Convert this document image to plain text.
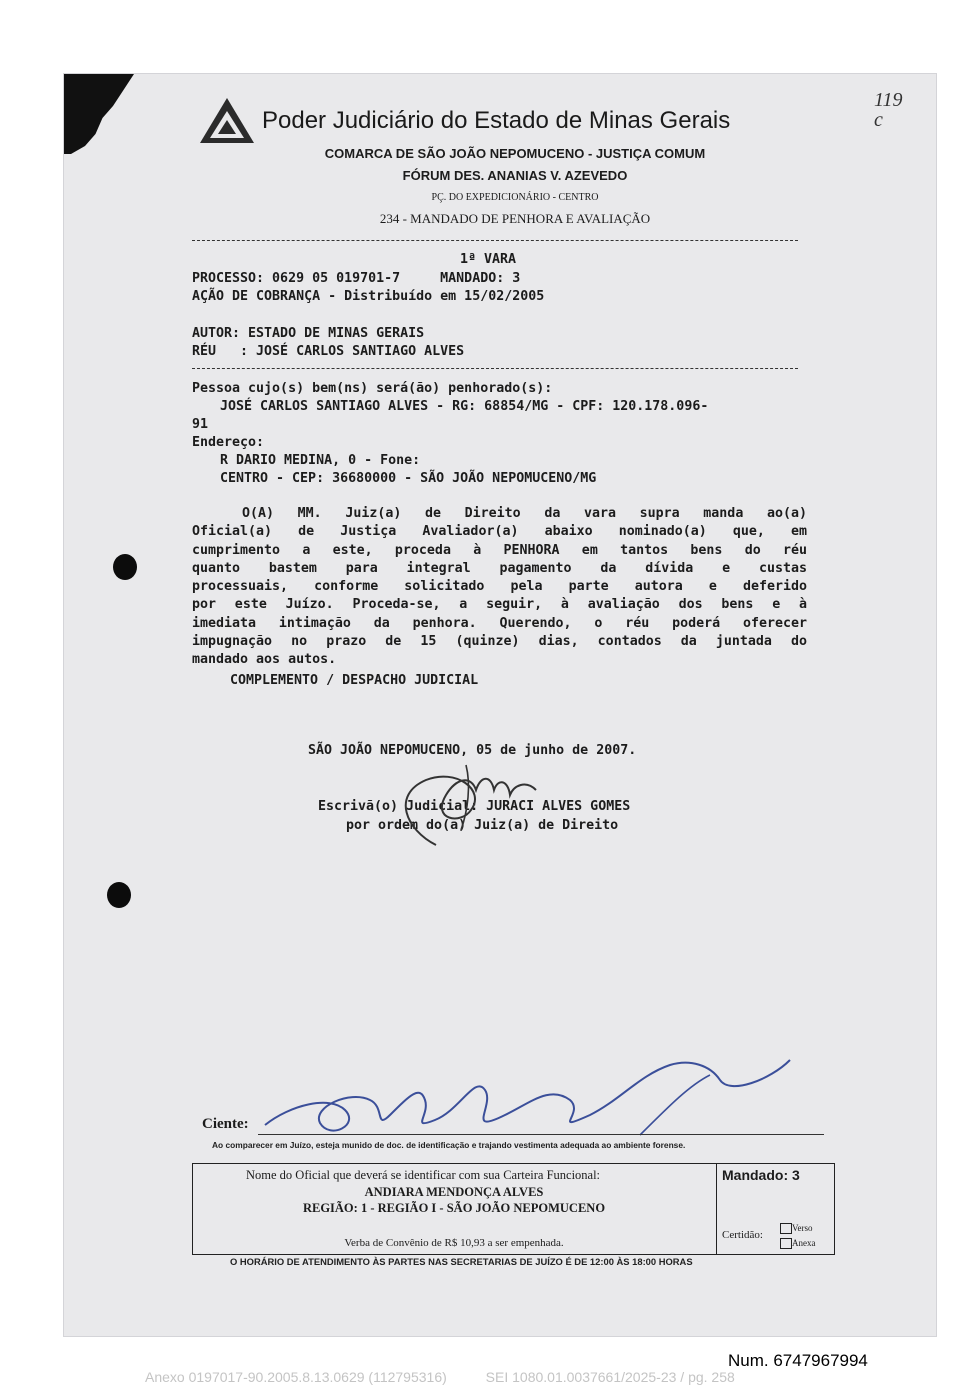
119
c
Poder Judiciário do Estado de Minas Gerais
COMARCA DE SÃO JOÃO NEPOMUCENO - JUSTIÇA COMUM
FÓRUM DES. ANANIAS V. AZEVEDO
PÇ. DO EXPEDICIONÁRIO - CENTRO
234 - MANDADO DE PENHORA E AVALIAÇÃO
1ª VARA
PROCESSO: 0629 05 019701-7     MANDADO: 3
AÇÃO DE COBRANÇA - Distribuído em 15/02/2005
AUTOR: ESTADO DE MINAS GERAIS
RÉU   : JOSÉ CARLOS SANTIAGO ALVES
Pessoa cujo(s) bem(ns) será(ão) penhorado(s):
JOSÉ CARLOS SANTIAGO ALVES - RG: 68854/MG - CPF: 120.178.096-
91
Endereço:
R DARIO MEDINA, 0 - Fone:
CENTRO - CEP: 36680000 - SÃO JOÃO NEPOMUCENO/MG
O(A) MM. Juiz(a) de Direito da vara supra manda ao(a)
Oficial(a) de Justiça Avaliador(a) abaixo nominado(a) que, em
cumprimento a este, proceda à PENHORA em tantos bens do réu
quanto bastem para integral pagamento da dívida e custas
processuais, conforme solicitado pela parte autora e deferido
por este Juízo. Proceda-se, a seguir, à avaliação dos bens e à
imediata intimação da penhora. Querendo, o réu poderá oferecer
impugnação no prazo de 15 (quinze) dias, contados da juntada do
mandado aos autos.
COMPLEMENTO / DESPACHO JUDICIAL
SÃO JOÃO NEPOMUCENO, 05 de junho de 2007.
Escrivã(o) Judicial: JURACI ALVES GOMES
por ordem do(a) Juiz(a) de Direito
Ciente:
Ao comparecer em Juízo, esteja munido de doc. de identificação e trajando vestimenta adequada ao ambiente forense.
Nome do Oficial que deverá se identificar com sua Carteira Funcional:
ANDIARA MENDONÇA ALVES
REGIÃO: 1 - REGIÃO I - SÃO JOÃO NEPOMUCENO
Verba de Convênio de R$ 10,93 a ser empenhada.
Mandado: 3
Certidão:
Verso
Anexa
O HORÁRIO DE ATENDIMENTO ÀS PARTES NAS SECRETARIAS DE JUÍZO É DE 12:00 ÀS 18:00 HORAS
Num. 6747967994
Anexo 0197017-90.2005.8.13.0629 (112795316)          SEI 1080.01.0037661/2025-23 / pg. 258
